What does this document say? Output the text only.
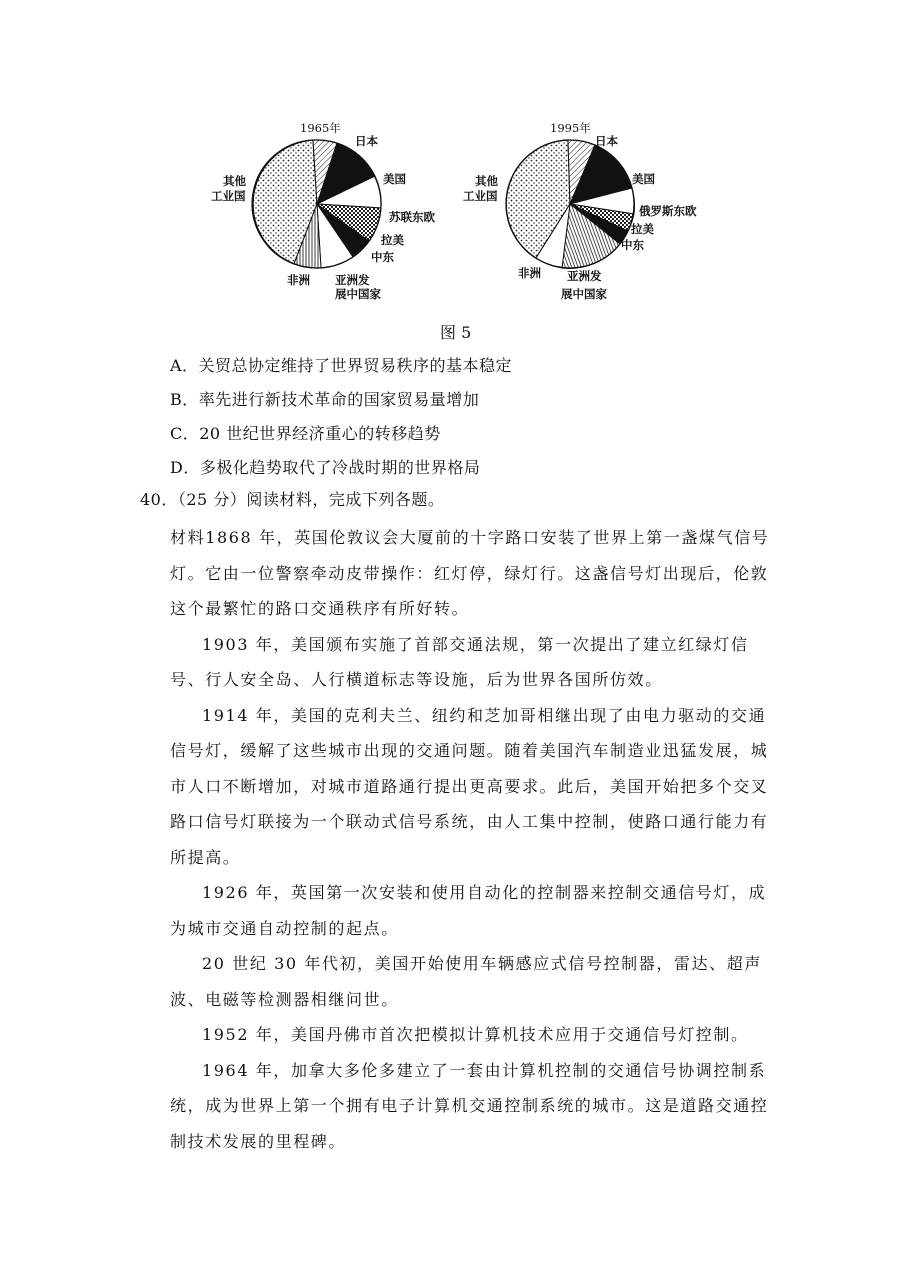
1965年
日本
美国
苏联东欧
拉美
中东
亚洲发
展中国家
非洲
其他
工业国
1995年
日本
美国
俄罗斯东欧
拉美
中东
亚洲发
展中国家
非洲
其他
工业国
图 5
A．关贸总协定维持了世界贸易秩序的基本稳定
B．率先进行新技术革命的国家贸易量增加
C．20 世纪世界经济重心的转移趋势
D．多极化趋势取代了冷战时期的世界格局
40．（25 分）阅读材料，完成下列各题。

材料1868 年，英国伦敦议会大厦前的十字路口安装了世界上第一盏煤气信号灯。它由一位警察牵动皮带操作：红灯停，绿灯行。这盏信号灯出现后，伦敦这个最繁忙的路口交通秩序有所好转。

1903 年，美国颁布实施了首部交通法规，第一次提出了建立红绿灯信号、行人安全岛、人行横道标志等设施，后为世界各国所仿效。

1914 年，美国的克利夫兰、纽约和芝加哥相继出现了由电力驱动的交通信号灯，缓解了这些城市出现的交通问题。随着美国汽车制造业迅猛发展，城市人口不断增加，对城市道路通行提出更高要求。此后，美国开始把多个交叉路口信号灯联接为一个联动式信号系统，由人工集中控制，使路口通行能力有所提高。

1926 年，英国第一次安装和使用自动化的控制器来控制交通信号灯，成为城市交通自动控制的起点。

20 世纪 30 年代初，美国开始使用车辆感应式信号控制器，雷达、超声波、电磁等检测器相继问世。

1952 年，美国丹佛市首次把模拟计算机技术应用于交通信号灯控制。

1964 年，加拿大多伦多建立了一套由计算机控制的交通信号协调控制系统，成为世界上第一个拥有电子计算机交通控制系统的城市。这是道路交通控制技术发展的里程碑。
